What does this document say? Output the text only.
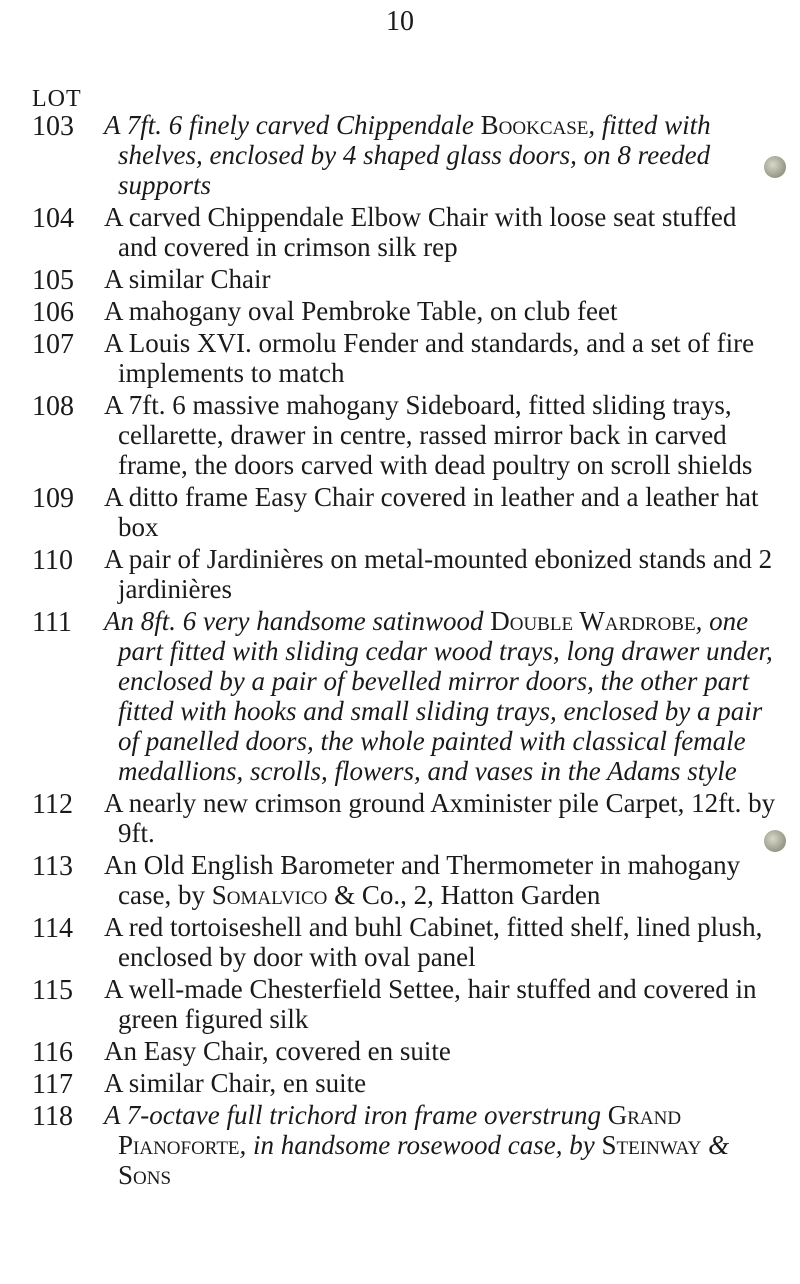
10
LOT
103 A 7ft. 6 finely carved Chippendale Bookcase, fitted with shelves, enclosed by 4 shaped glass doors, on 8 reeded supports
104 A carved Chippendale Elbow Chair with loose seat stuffed and covered in crimson silk rep
105 A similar Chair
106 A mahogany oval Pembroke Table, on club feet
107 A Louis XVI. ormolu Fender and standards, and a set of fire implements to match
108 A 7ft. 6 massive mahogany Sideboard, fitted sliding trays, cellarette, drawer in centre, rassed mirror back in carved frame, the doors carved with dead poultry on scroll shields
109 A ditto frame Easy Chair covered in leather and a leather hat box
110 A pair of Jardinières on metal-mounted ebonized stands and 2 jardinières
111 An 8ft. 6 very handsome satinwood Double Wardrobe, one part fitted with sliding cedar wood trays, long drawer under, enclosed by a pair of bevelled mirror doors, the other part fitted with hooks and small sliding trays, enclosed by a pair of panelled doors, the whole painted with classical female medallions, scrolls, flowers, and vases in the Adams style
112 A nearly new crimson ground Axminister pile Carpet, 12ft. by 9ft.
113 An Old English Barometer and Thermometer in mahogany case, by Somalvico & Co., 2, Hatton Garden
114 A red tortoiseshell and buhl Cabinet, fitted shelf, lined plush, enclosed by door with oval panel
115 A well-made Chesterfield Settee, hair stuffed and covered in green figured silk
116 An Easy Chair, covered en suite
117 A similar Chair, en suite
118 A 7-octave full trichord iron frame overstrung Grand Pianoforte, in handsome rosewood case, by Steinway & Sons
